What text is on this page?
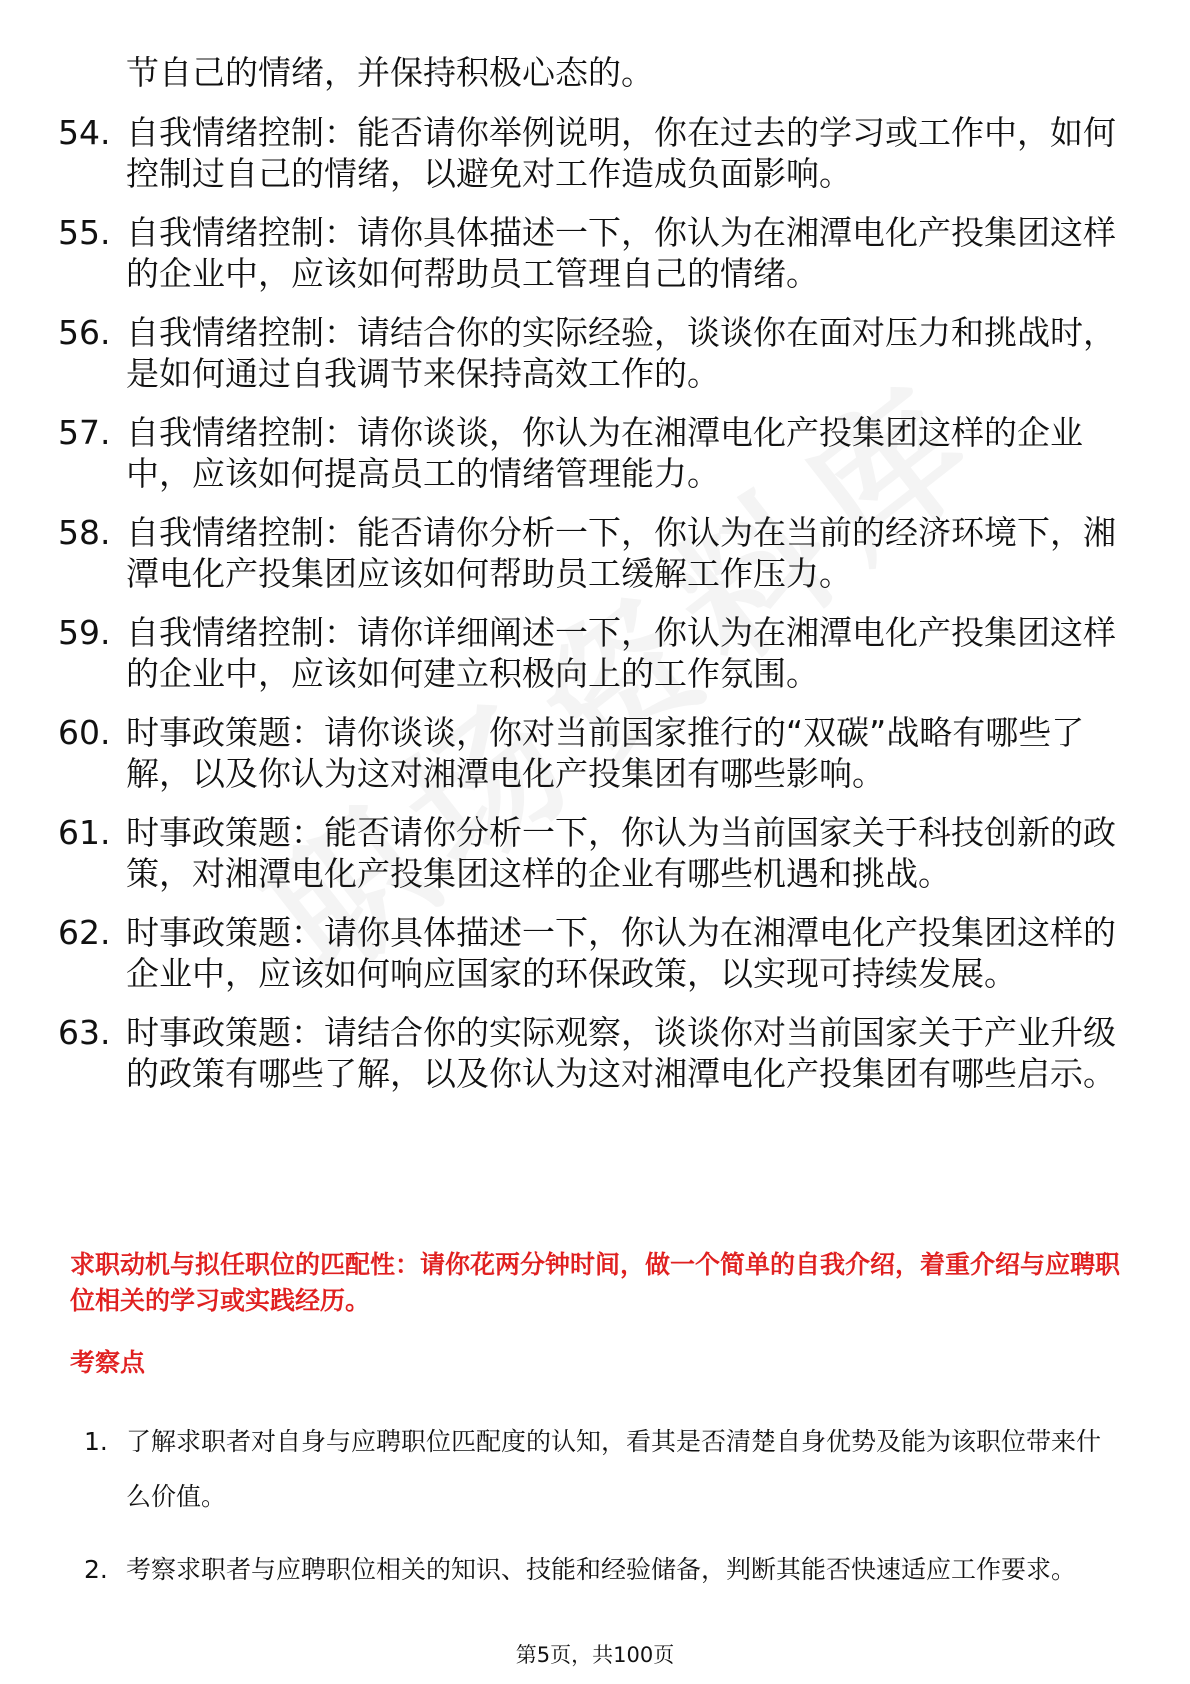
节自己的情绪，并保持积极心态的。
54. 自我情绪控制：能否请你举例说明，你在过去的学习或工作中，如何控制过自己的情绪，以避免对工作造成负面影响。
55. 自我情绪控制：请你具体描述一下，你认为在湘潭电化产投集团这样的企业中，应该如何帮助员工管理自己的情绪。
56. 自我情绪控制：请结合你的实际经验，谈谈你在面对压力和挑战时，是如何通过自我调节来保持高效工作的。
57. 自我情绪控制：请你谈谈，你认为在湘潭电化产投集团这样的企业中，应该如何提高员工的情绪管理能力。
58. 自我情绪控制：能否请你分析一下，你认为在当前的经济环境下，湘潭电化产投集团应该如何帮助员工缓解工作压力。
59. 自我情绪控制：请你详细阐述一下，你认为在湘潭电化产投集团这样的企业中，应该如何建立积极向上的工作氛围。
60. 时事政策题：请你谈谈，你对当前国家推行的“双碳”战略有哪些了解，以及你认为这对湘潭电化产投集团有哪些影响。
61. 时事政策题：能否请你分析一下，你认为当前国家关于科技创新的政策，对湘潭电化产投集团这样的企业有哪些机遇和挑战。
62. 时事政策题：请你具体描述一下，你认为在湘潭电化产投集团这样的企业中，应该如何响应国家的环保政策，以实现可持续发展。
63. 时事政策题：请结合你的实际观察，谈谈你对当前国家关于产业升级的政策有哪些了解，以及你认为这对湘潭电化产投集团有哪些启示。
求职动机与拟任职位的匹配性：请你花两分钟时间，做一个简单的自我介绍，着重介绍与应聘职位相关的学习或实践经历。
考察点
1. 了解求职者对自身与应聘职位匹配度的认知，看其是否清楚自身优势及能为该职位带来什么价值。
2. 考察求职者与应聘职位相关的知识、技能和经验储备，判断其能否快速适应工作要求。
第5页，共100页
